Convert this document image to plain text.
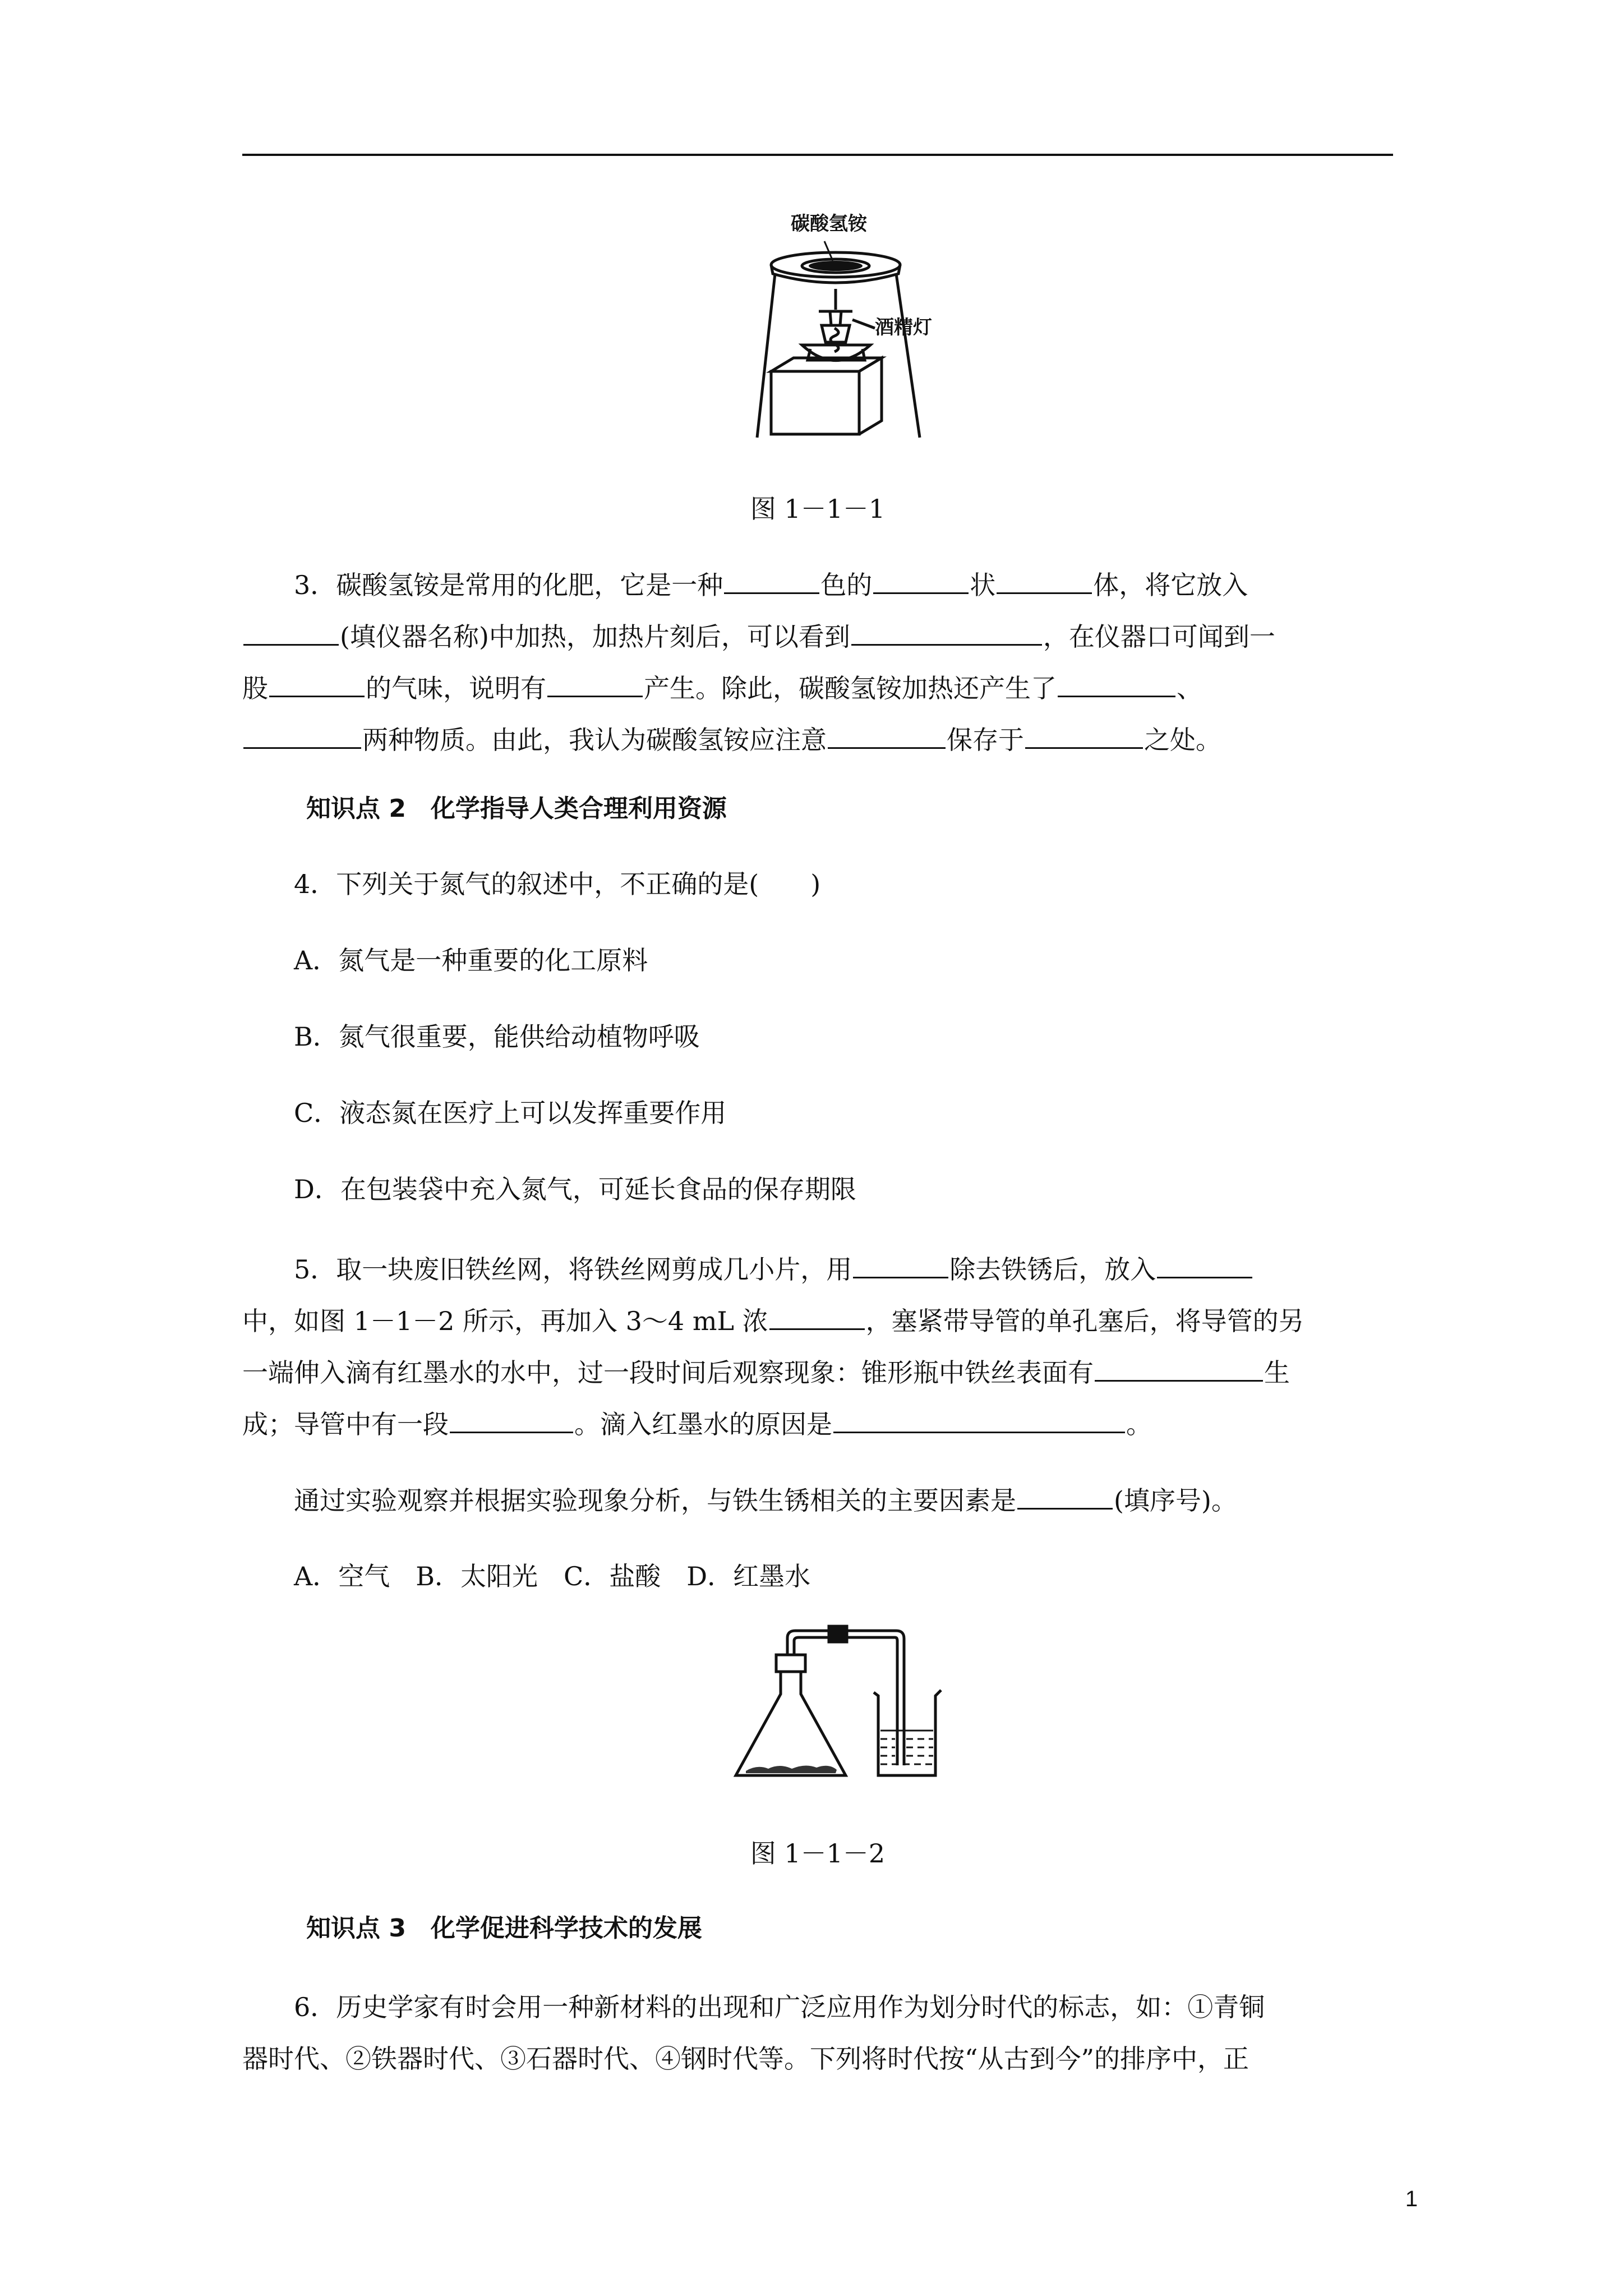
碳酸氢铵
酒精灯
图 1－1－1
3．碳酸氢铵是常用的化肥，它是一种	色的	状	体，将它放入
(填仪器名称)中加热，加热片刻后，可以看到	，在仪器口可闻到一
股	的气味，说明有	产生。除此，碳酸氢铵加热还产生了	、
两种物质。由此，我认为碳酸氢铵应注意	保存于	之处。
知识点 2　化学指导人类合理利用资源
4．下列关于氮气的叙述中，不正确的是(　　)
A．氮气是一种重要的化工原料
B．氮气很重要，能供给动植物呼吸
C．液态氮在医疗上可以发挥重要作用
D．在包装袋中充入氮气，可延长食品的保存期限
5．取一块废旧铁丝网，将铁丝网剪成几小片，用	除去铁锈后，放入
中，如图 1－1－2 所示，再加入 3～4 mL 浓	，塞紧带导管的单孔塞后，将导管的另
一端伸入滴有红墨水的水中，过一段时间后观察现象：锥形瓶中铁丝表面有	生
成；导管中有一段	。滴入红墨水的原因是	。
通过实验观察并根据实验现象分析，与铁生锈相关的主要因素是	(填序号)。
A．空气　B．太阳光　C．盐酸　D．红墨水
图 1－1－2
知识点 3　化学促进科学技术的发展
6．历史学家有时会用一种新材料的出现和广泛应用作为划分时代的标志，如：①青铜
器时代、②铁器时代、③石器时代、④钢时代等。下列将时代按“从古到今”的排序中，正
1
